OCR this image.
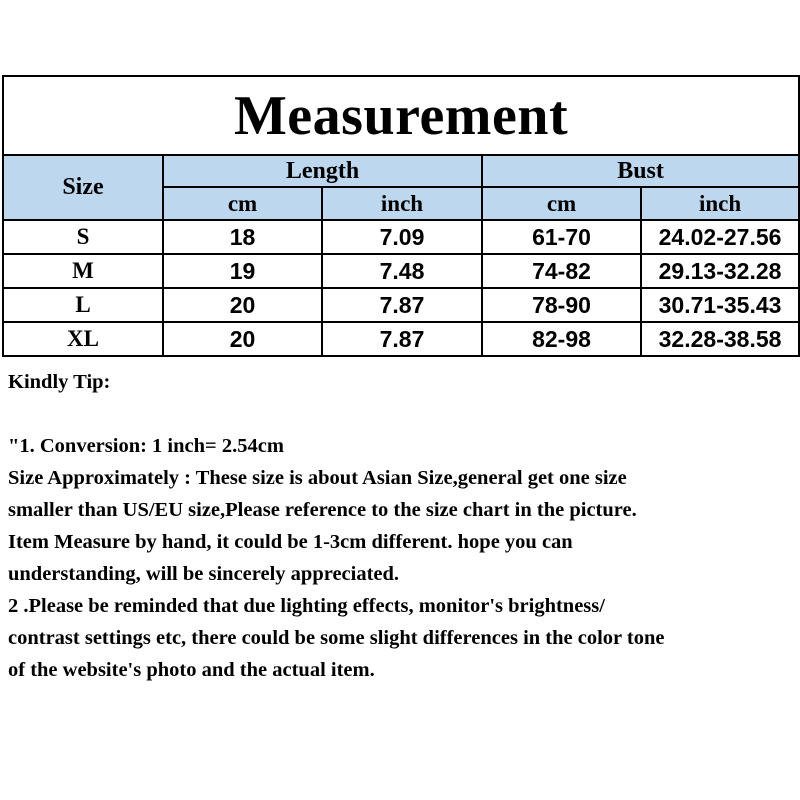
Measurement				
Size	Length		Bust	
	cm	inch	cm	inch
S	18	7.09	61-70	24.02-27.56
M	19	7.48	74-82	29.13-32.28
L	20	7.87	78-90	30.71-35.43
XL	20	7.87	82-98	32.28-38.58

Kindly Tip:

"1. Conversion: 1 inch= 2.54cm

Size Approximately : These size is about Asian Size,general get one size

smaller than US/EU size,Please reference to the size chart in the picture.

Item Measure by hand, it could be 1-3cm different. hope you can

understanding, will be sincerely appreciated.

2 .Please be reminded that due lighting effects, monitor's brightness/

contrast settings etc, there could be some slight differences in the color tone

of the website's photo and the actual item.
